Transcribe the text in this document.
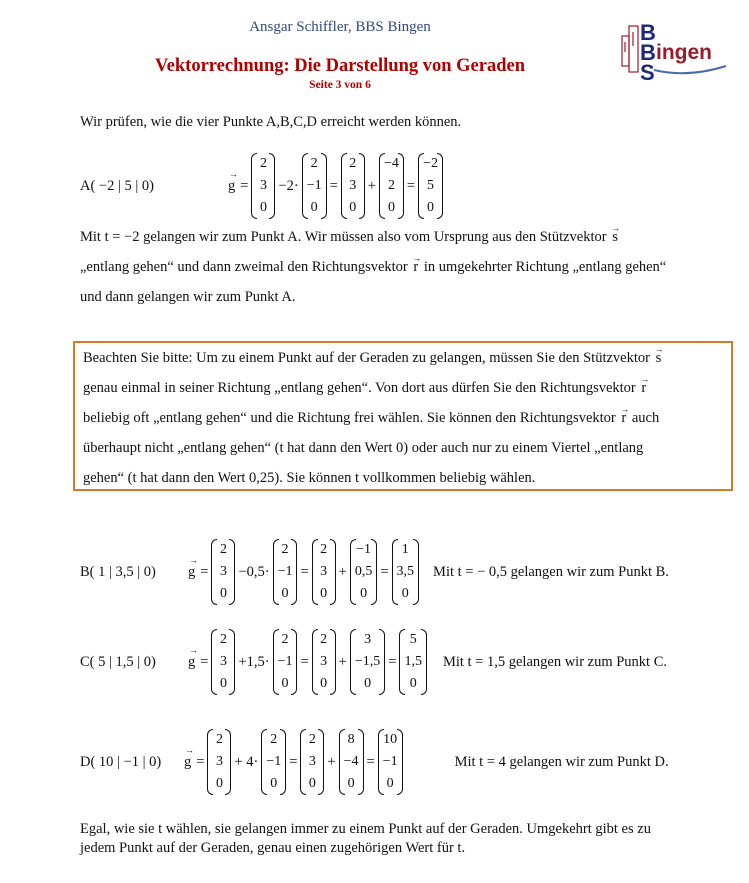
Ansgar Schiffler, BBS Bingen
Vektorrechnung: Die Darstellung von Geraden
Seite 3 von 6
B
B
S
ingen
Wir prüfen, wie die vier Punkte A,B,C,D erreicht werden können.
A( −2 | 5 | 0)
→
g =
2
3
0
−2·
2
−1
0
=
2
3
0
+
−4
2
0
=
−2
5
0
B( 1 | 3,5 | 0)
→
g =
2
3
0
−0,5·
2
−1
0
=
2
3
0
+
−1
0,5
0
=
1
3,5
0
Mit t = − 0,5 gelangen wir zum Punkt B.
C( 5 | 1,5 | 0)
→
g =
2
3
0
+1,5·
2
−1
0
=
2
3
0
+
3
−1,5
0
=
5
1,5
0
Mit t = 1,5 gelangen wir zum Punkt C.
D( 10 | −1 | 0)
→
g =
2
3
0
+ 4·
2
−1
0
=
2
3
0
+
8
−4
0
=
10
−1
0
Mit t = 4 gelangen wir zum Punkt D.
Mit t = −2 gelangen wir zum Punkt A. Wir müssen also vom Ursprung aus den Stützvektor
→
s
„entlang gehen“ und dann zweimal den Richtungsvektor
→
r in umgekehrter Richtung „entlang gehen“
und dann gelangen wir zum Punkt A.
Beachten Sie bitte: Um zu einem Punkt auf der Geraden zu gelangen, müssen Sie den Stützvektor
→
s
genau einmal in seiner Richtung „entlang gehen“. Von dort aus dürfen Sie den Richtungsvektor
→
r
beliebig oft „entlang gehen“ und die Richtung frei wählen. Sie können den Richtungsvektor
→
r auch
überhaupt nicht „entlang gehen“ (t hat dann den Wert 0) oder auch nur zu einem Viertel „entlang
gehen“ (t hat dann den Wert 0,25). Sie können t vollkommen beliebig wählen.
Egal, wie sie t wählen, sie gelangen immer zu einem Punkt auf der Geraden. Umgekehrt gibt es zu
jedem Punkt auf der Geraden, genau einen zugehörigen Wert für t.
